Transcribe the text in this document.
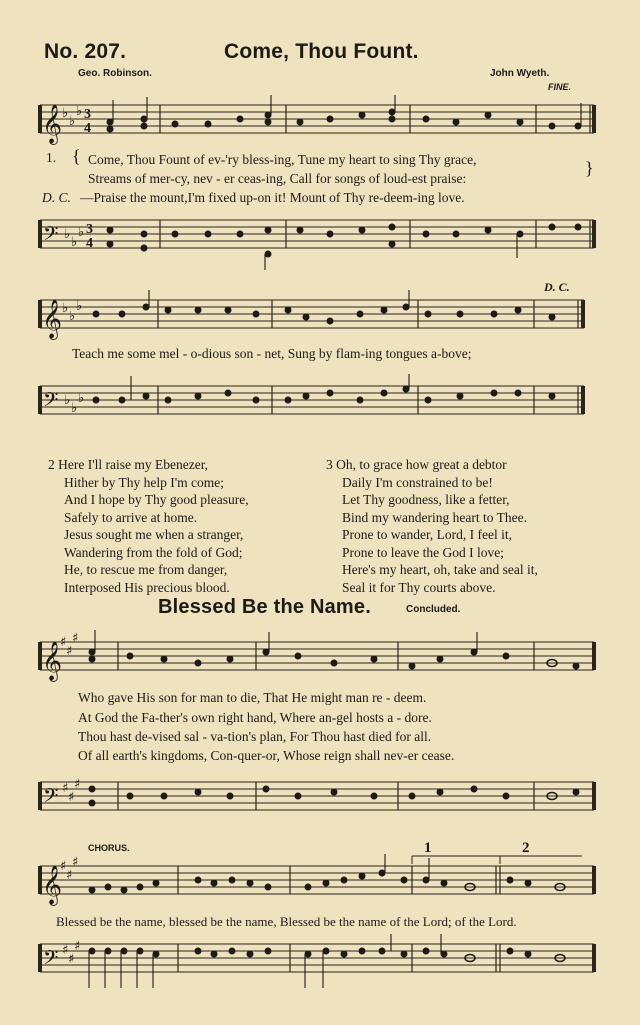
No. 207.	Come, Thou Fount.
Geo. Robinson.	John Wyeth.
FINE.
𝄞 ♭
♭
♭ 3
4
1. { Come, Thou Fount of ev-'ry bless-ing, Tune my heart to sing Thy grace,
Streams of mer-cy, nev - er ceas-ing, Call for songs of loud-est praise:
}
D. C. —Praise the mount,I'm fixed up-on it! Mount of Thy re-deem-ing love.
𝄢 ♭
♭
♭ 3
4
D. C.
𝄞 ♭
♭
♭
Teach me some mel - o-dious son - net, Sung by flam-ing tongues a-bove;
𝄢 ♭
♭
♭
2 Here I'll raise my Ebenezer,
Hither by Thy help I'm come;
And I hope by Thy good pleasure,
Safely to arrive at home.
Jesus sought me when a stranger,
Wandering from the fold of God;
He, to rescue me from danger,
Interposed His precious blood.
3 Oh, to grace how great a debtor
Daily I'm constrained to be!
Let Thy goodness, like a fetter,
Bind my wandering heart to Thee.
Prone to wander, Lord, I feel it,
Prone to leave the God I love;
Here's my heart, oh, take and seal it,
Seal it for Thy courts above.
Blessed Be the Name.	Concluded.
𝄞
♯
♯
♯
Who gave His son for man to die, That He might man re - deem.
At God the Fa-ther's own right hand, Where an-gel hosts a - dore.
Thou hast de-vised sal - va-tion's plan, For Thou hast died for all.
Of all earth's kingdoms, Con-quer-or, Whose reign shall nev-er cease.
𝄢 ♯
♯
♯
CHORUS.	1	2
𝄞
♯
♯
♯
Blessed be the name, blessed be the name, Blessed be the name of the Lord; of the Lord.
𝄢 ♯
♯
♯
